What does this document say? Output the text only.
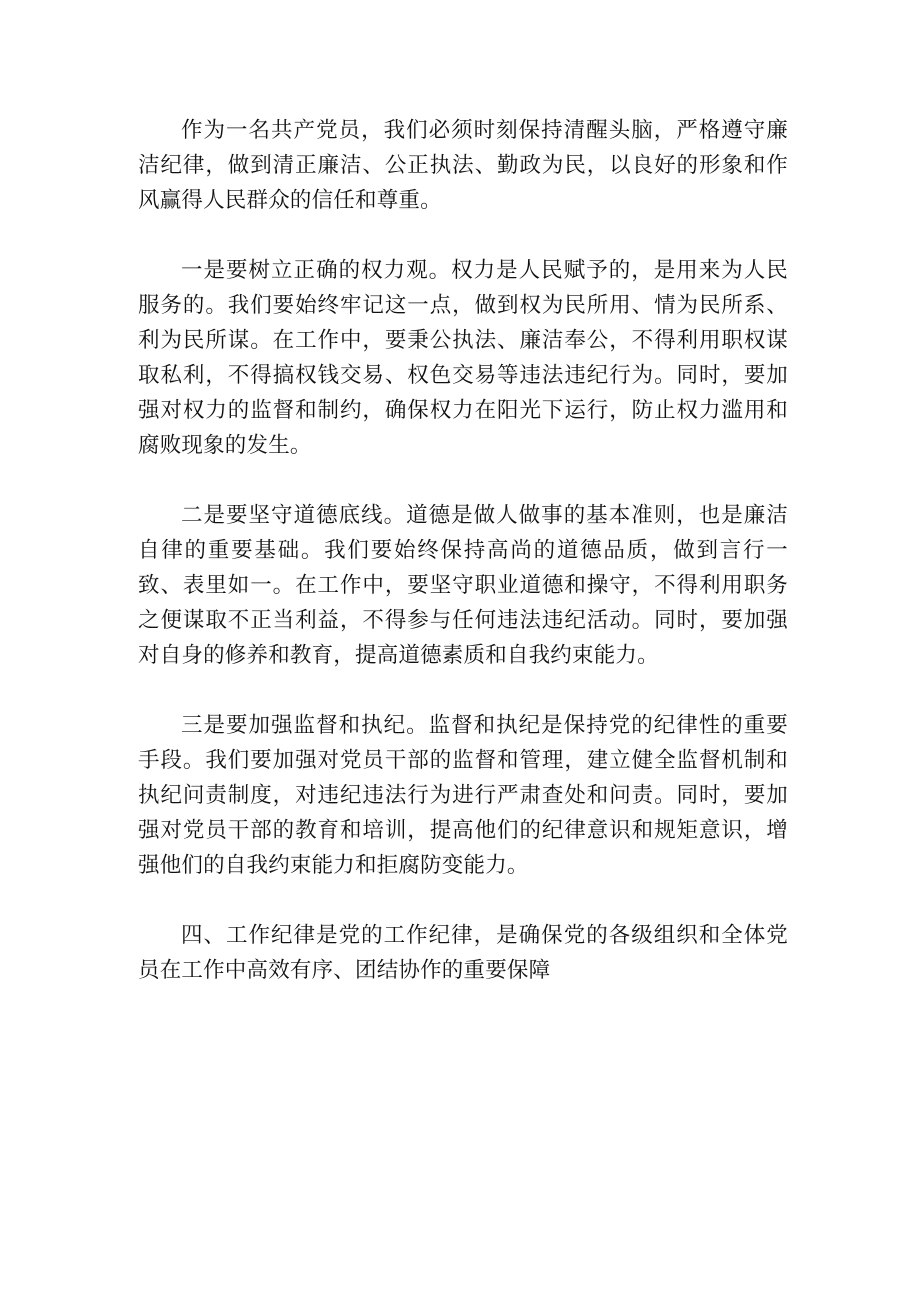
作为一名共产党员，我们必须时刻保持清醒头脑，严格遵守廉洁纪律，做到清正廉洁、公正执法、勤政为民，以良好的形象和作风赢得人民群众的信任和尊重。

一是要树立正确的权力观。权力是人民赋予的，是用来为人民服务的。我们要始终牢记这一点，做到权为民所用、情为民所系、利为民所谋。在工作中，要秉公执法、廉洁奉公，不得利用职权谋取私利，不得搞权钱交易、权色交易等违法违纪行为。同时，要加强对权力的监督和制约，确保权力在阳光下运行，防止权力滥用和腐败现象的发生。

二是要坚守道德底线。道德是做人做事的基本准则，也是廉洁自律的重要基础。我们要始终保持高尚的道德品质，做到言行一致、表里如一。在工作中，要坚守职业道德和操守，不得利用职务之便谋取不正当利益，不得参与任何违法违纪活动。同时，要加强对自身的修养和教育，提高道德素质和自我约束能力。

三是要加强监督和执纪。监督和执纪是保持党的纪律性的重要手段。我们要加强对党员干部的监督和管理，建立健全监督机制和执纪问责制度，对违纪违法行为进行严肃查处和问责。同时，要加强对党员干部的教育和培训，提高他们的纪律意识和规矩意识，增强他们的自我约束能力和拒腐防变能力。

四、工作纪律是党的工作纪律，是确保党的各级组织和全体党员在工作中高效有序、团结协作的重要保障
